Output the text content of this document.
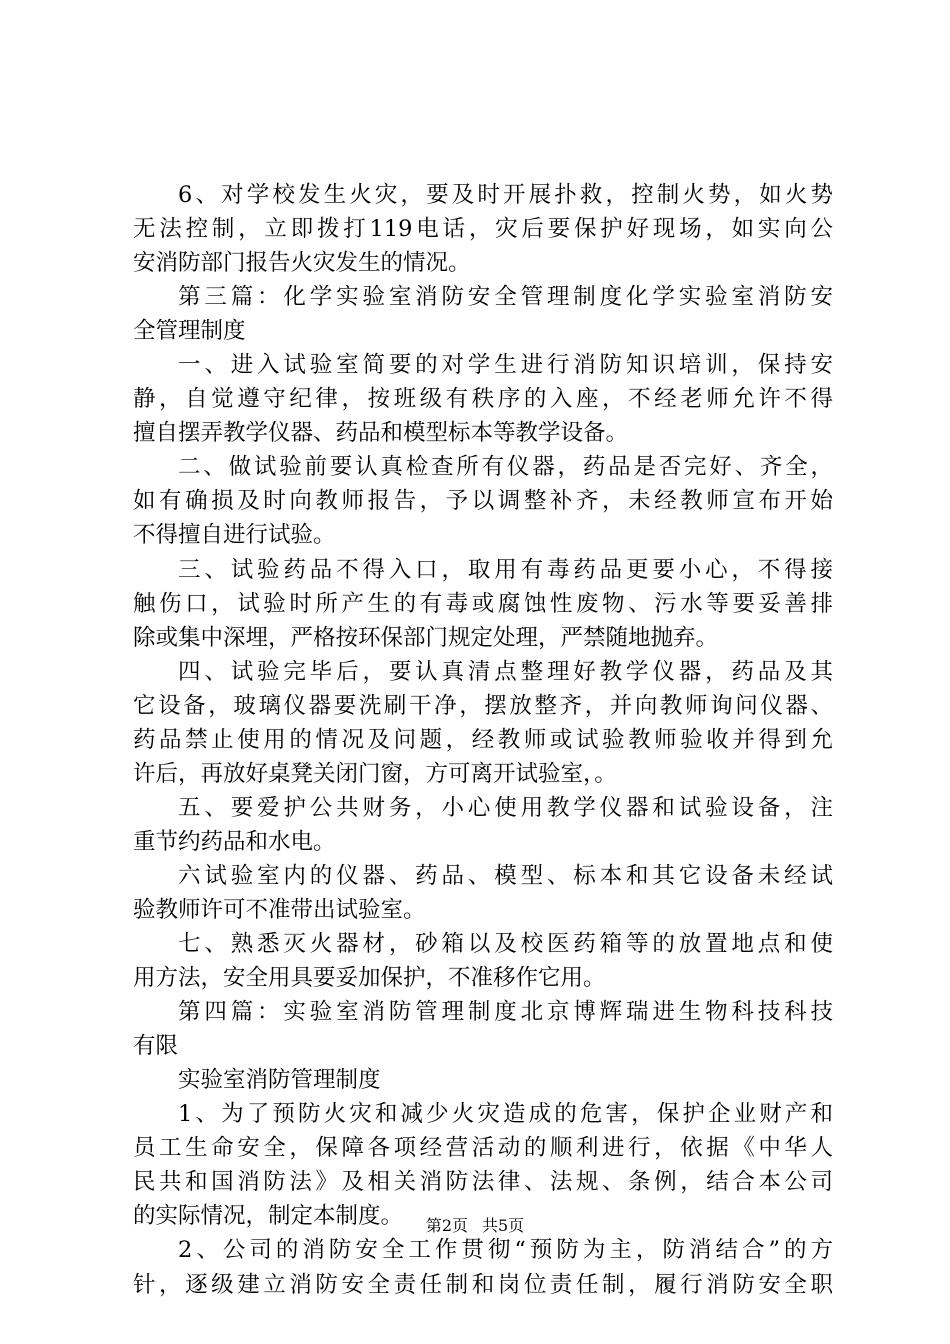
6、对学校发生火灾，要及时开展扑救，控制火势，如火势
无法控制，立即拨打119电话，灾后要保护好现场，如实向公
安消防部门报告火灾发生的情况。
第三篇：化学实验室消防安全管理制度化学实验室消防安
全管理制度
一、进入试验室简要的对学生进行消防知识培训，保持安
静，自觉遵守纪律，按班级有秩序的入座，不经老师允许不得
擅自摆弄教学仪器、药品和模型标本等教学设备。
二、做试验前要认真检查所有仪器，药品是否完好、齐全，
如有确损及时向教师报告，予以调整补齐，未经教师宣布开始
不得擅自进行试验。
三、试验药品不得入口，取用有毒药品更要小心，不得接
触伤口，试验时所产生的有毒或腐蚀性废物、污水等要妥善排
除或集中深埋，严格按环保部门规定处理，严禁随地抛弃。
四、试验完毕后，要认真清点整理好教学仪器，药品及其
它设备，玻璃仪器要洗刷干净，摆放整齐，并向教师询问仪器、
药品禁止使用的情况及问题，经教师或试验教师验收并得到允
许后，再放好桌凳关闭门窗，方可离开试验室，。
五、要爱护公共财务，小心使用教学仪器和试验设备，注
重节约药品和水电。
六试验室内的仪器、药品、模型、标本和其它设备未经试
验教师许可不准带出试验室。
七、熟悉灭火器材，砂箱以及校医药箱等的放置地点和使
用方法，安全用具要妥加保护，不准移作它用。
第四篇：实验室消防管理制度北京博辉瑞进生物科技科技
有限
实验室消防管理制度
1、为了预防火灾和减少火灾造成的危害，保护企业财产和
员工生命安全，保障各项经营活动的顺利进行，依据《中华人
民共和国消防法》及相关消防法律、法规、条例，结合本公司
的实际情况，制定本制度。
2、公司的消防安全工作贯彻“预防为主，防消结合”的方
针，逐级建立消防安全责任制和岗位责任制，履行消防安全职
第2页 共5页
